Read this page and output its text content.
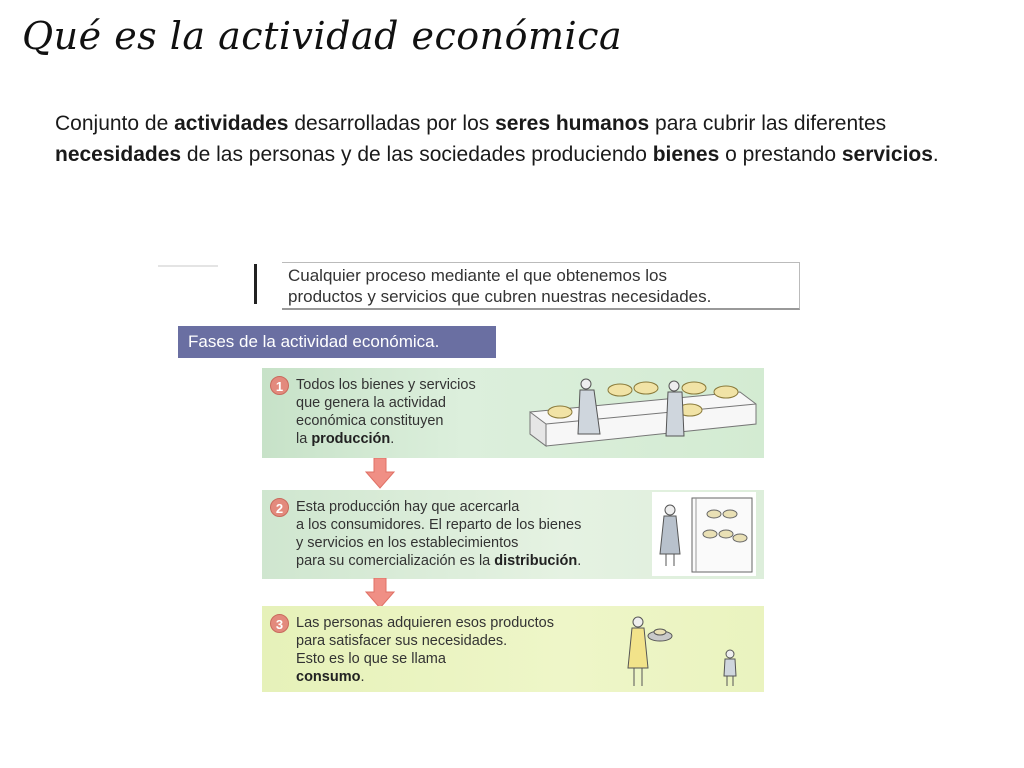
Qué es la actividad económica
Conjunto de actividades desarrolladas por los seres humanos para cubrir las diferentes necesidades de las personas y de las sociedades produciendo bienes o prestando servicios.
Cualquier proceso mediante el que obtenemos los
productos y servicios que cubren nuestras necesidades.
Fases de la actividad económica.
1 Todos los bienes y servicios
que genera la actividad
económica constituyen
la producción.
2 Esta producción hay que acercarla
a los consumidores. El reparto de los bienes
y servicios en los establecimientos
para su comercialización es la distribución.
3 Las personas adquieren esos productos
para satisfacer sus necesidades.
Esto es lo que se llama
consumo.
